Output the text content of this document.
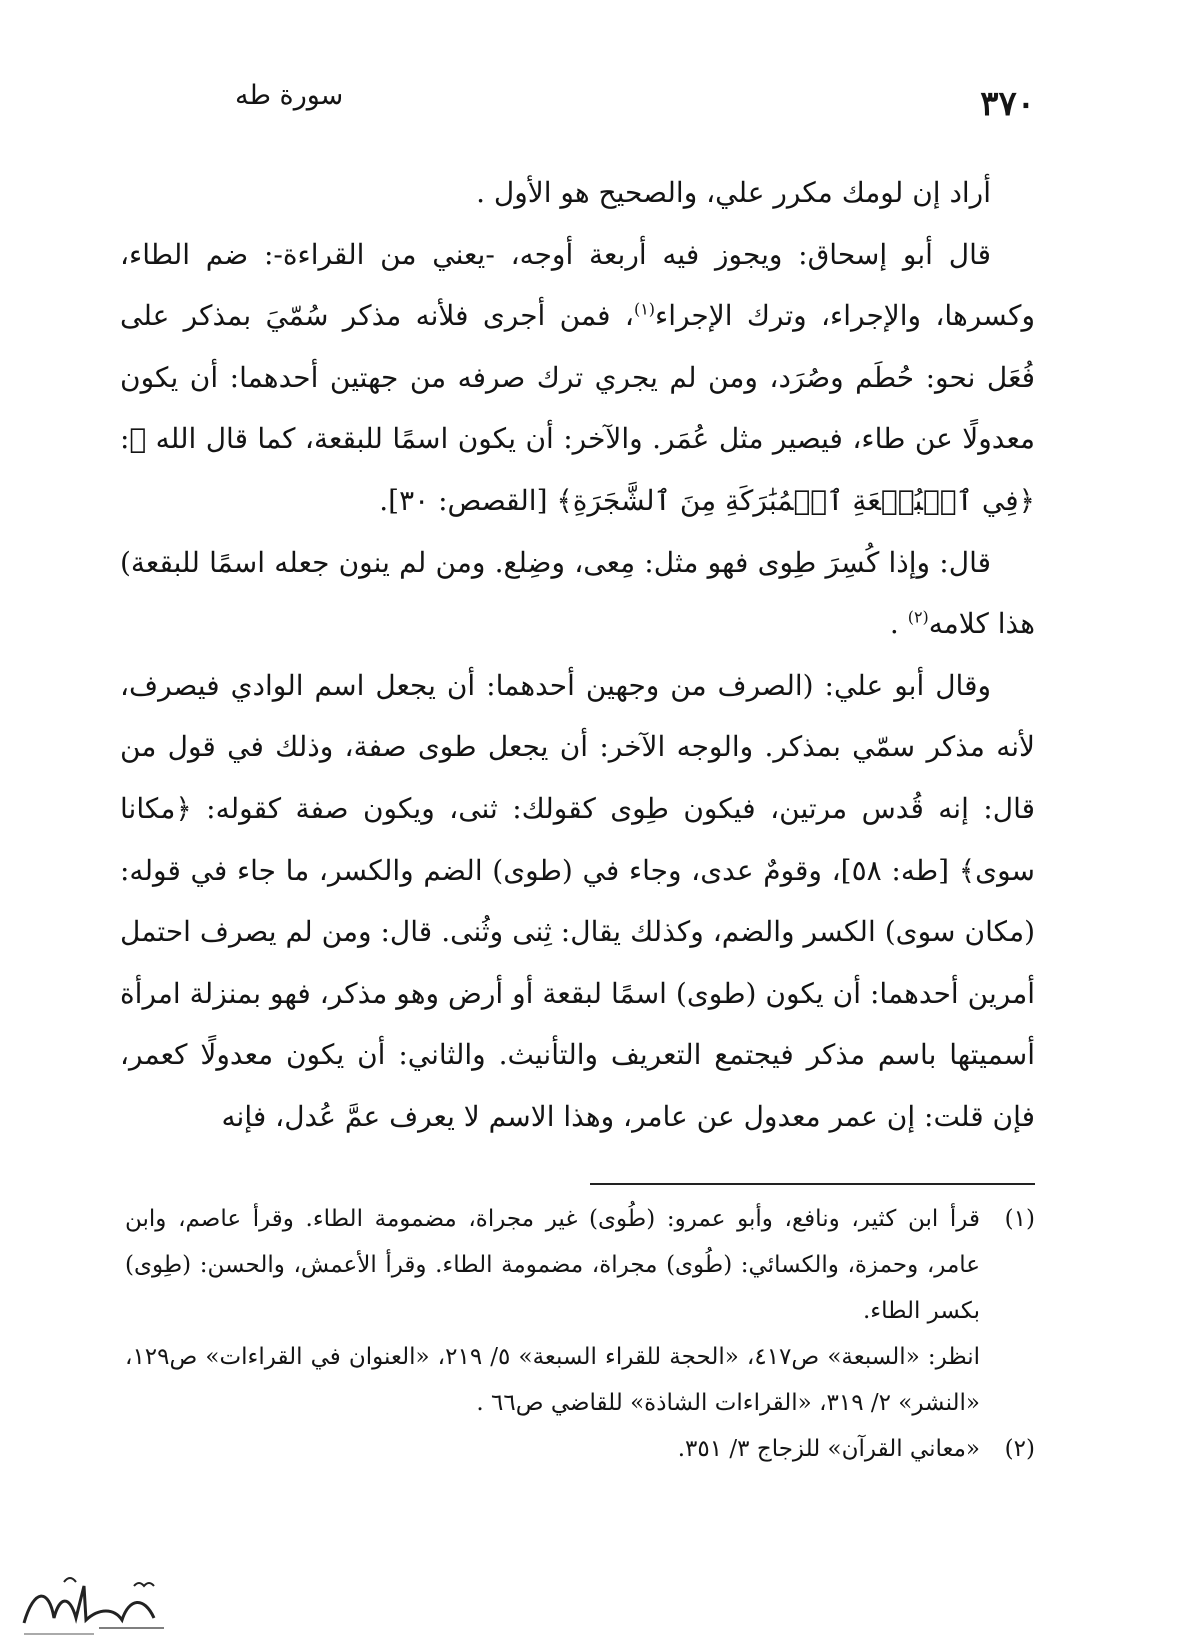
٣٧٠
سورة طه

أراد إن لومك مكرر علي، والصحيح هو الأول .

قال أبو إسحاق: ويجوز فيه أربعة أوجه، -يعني من القراءة-: ضم الطاء، وكسرها، والإجراء، وترك الإجراء$^{(١)}$، فمن أجرى فلأنه مذكر سُمّيَ بمذكر على فُعَل نحو: حُطَم وصُرَد، ومن لم يجري ترك صرفه من جهتين أحدهما: أن يكون معدولًا عن طاء، فيصير مثل عُمَر. والآخر: أن يكون اسمًا للبقعة، كما قال الله ﷻ: ﴿فِي ٱلۡبُقۡعَةِ ٱلۡمُبَٰرَكَةِ مِنَ ٱلشَّجَرَةِ﴾ [القصص: ٣٠].

قال: وإذا كُسِرَ طِوى فهو مثل: مِعى، وضِلع. ومن لم ينون جعله اسمًا للبقعة) هذا كلامه$^{(٢)}$ .

وقال أبو علي: (الصرف من وجهين أحدهما: أن يجعل اسم الوادي فيصرف، لأنه مذكر سمّي بمذكر. والوجه الآخر: أن يجعل طوى صفة، وذلك في قول من قال: إنه قُدس مرتين، فيكون طِوى كقولك: ثنى، ويكون صفة كقوله: ﴿مكانا سوى﴾ [طه: ٥٨]، وقومٌ عدى، وجاء في (طوى) الضم والكسر، ما جاء في قوله: (مكان سوى) الكسر والضم، وكذلك يقال: ثِنى وثُنى. قال: ومن لم يصرف احتمل أمرين أحدهما: أن يكون (طوى) اسمًا لبقعة أو أرض وهو مذكر، فهو بمنزلة امرأة أسميتها باسم مذكر فيجتمع التعريف والتأنيث. والثاني: أن يكون معدولًا كعمر، فإن قلت: إن عمر معدول عن عامر، وهذا الاسم لا يعرف عمَّ عُدل، فإنه

(١)

قرأ ابن كثير، ونافع، وأبو عمرو: (طُوى) غير مجراة، مضمومة الطاء. وقرأ عاصم، وابن عامر، وحمزة، والكسائي: (طُوى) مجراة، مضمومة الطاء. وقرأ الأعمش، والحسن: (طِوى) بكسر الطاء.

انظر: «السبعة» ص٤١٧، «الحجة للقراء السبعة» ٥/ ٢١٩، «العنوان في القراءات» ص١٢٩، «النشر» ٢/ ٣١٩، «القراءات الشاذة» للقاضي ص٦٦ .

(٢)

«معاني القرآن» للزجاج ٣/ ٣٥١.
